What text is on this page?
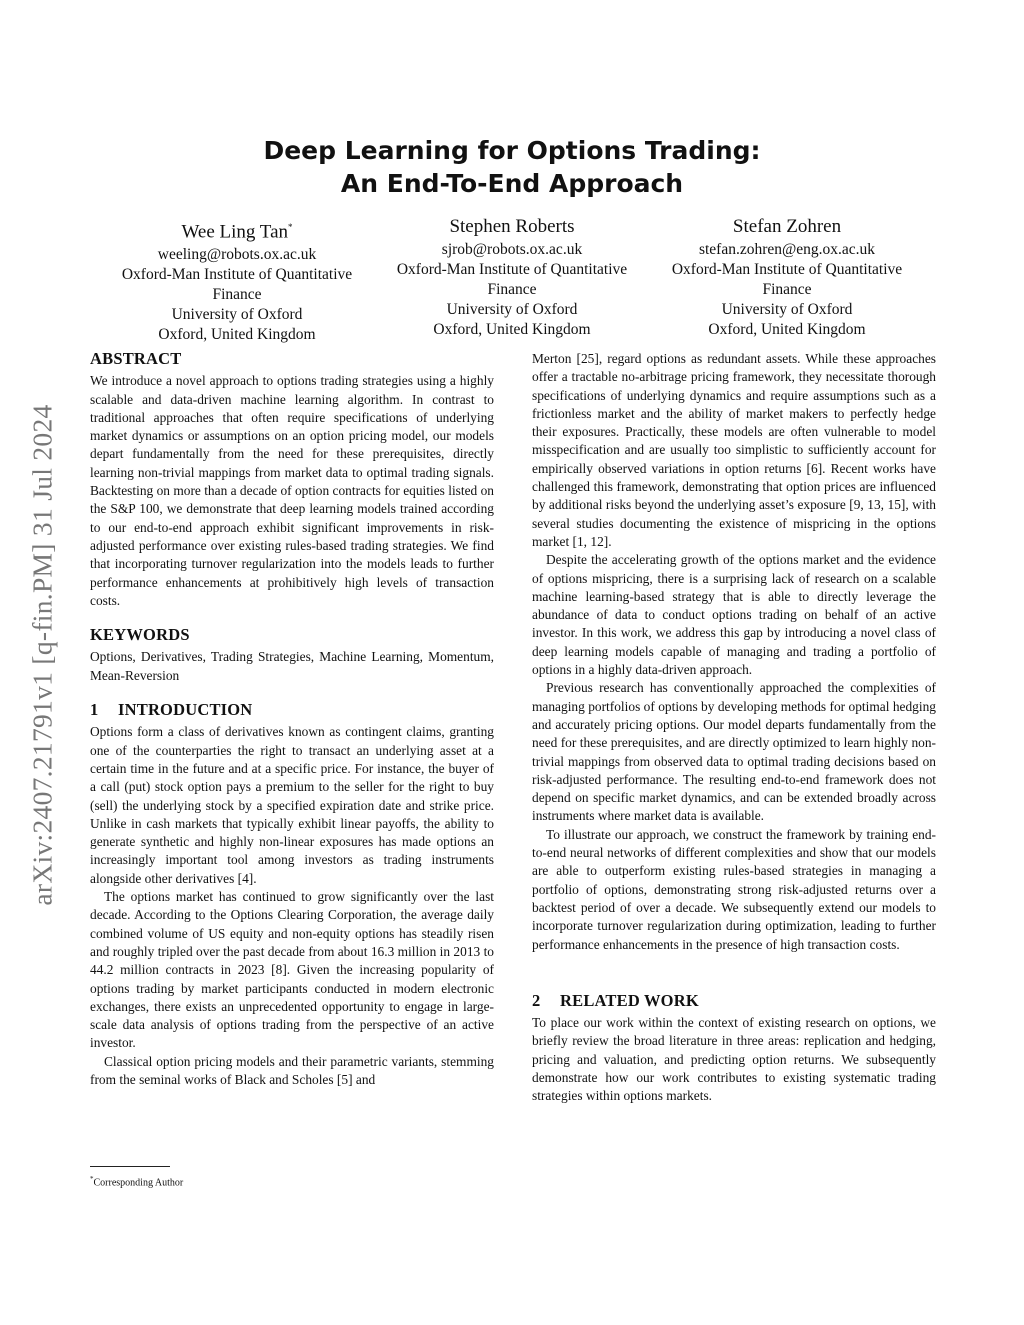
arXiv:2407.21791v1 [q-fin.PM] 31 Jul 2024
Deep Learning for Options Trading:
An End-To-End Approach
Wee Ling Tan*
weeling@robots.ox.ac.uk
Oxford-Man Institute of Quantitative
Finance
University of Oxford
Oxford, United Kingdom
Stephen Roberts
sjrob@robots.ox.ac.uk
Oxford-Man Institute of Quantitative
Finance
University of Oxford
Oxford, United Kingdom
Stefan Zohren
stefan.zohren@eng.ox.ac.uk
Oxford-Man Institute of Quantitative
Finance
University of Oxford
Oxford, United Kingdom
ABSTRACT

We introduce a novel approach to options trading strategies using a highly scalable and data-driven machine learning algorithm. In contrast to traditional approaches that often require specifications of underlying market dynamics or assumptions on an option pricing model, our models depart fundamentally from the need for these prerequisites, directly learning non-trivial mappings from market data to optimal trading signals. Backtesting on more than a decade of option contracts for equities listed on the S&P 100, we demonstrate that deep learning models trained according to our end-to-end approach exhibit significant improvements in risk-adjusted performance over existing rules-based trading strategies. We find that incorporating turnover regularization into the models leads to further performance enhancements at prohibitively high levels of transaction costs.

KEYWORDS

Options, Derivatives, Trading Strategies, Machine Learning, Momentum, Mean-Reversion

1 INTRODUCTION

Options form a class of derivatives known as contingent claims, granting one of the counterparties the right to transact an underlying asset at a certain time in the future and at a specific price. For instance, the buyer of a call (put) stock option pays a premium to the seller for the right to buy (sell) the underlying stock by a specified expiration date and strike price. Unlike in cash markets that typically exhibit linear payoffs, the ability to generate synthetic and highly non-linear exposures has made options an increasingly important tool among investors as trading instruments alongside other derivatives [4].

The options market has continued to grow significantly over the last decade. According to the Options Clearing Corporation, the average daily combined volume of US equity and non-equity options has steadily risen and roughly tripled over the past decade from about 16.3 million in 2013 to 44.2 million contracts in 2023 [8]. Given the increasing popularity of options trading by market participants conducted in modern electronic exchanges, there exists an unprecedented opportunity to engage in large-scale data analysis of options trading from the perspective of an active investor.

Classical option pricing models and their parametric variants, stemming from the seminal works of Black and Scholes [5] and

Merton [25], regard options as redundant assets. While these approaches offer a tractable no-arbitrage pricing framework, they necessitate thorough specifications of underlying dynamics and require assumptions such as a frictionless market and the ability of market makers to perfectly hedge their exposures. Practically, these models are often vulnerable to model misspecification and are usually too simplistic to sufficiently account for empirically observed variations in option returns [6]. Recent works have challenged this framework, demonstrating that option prices are influenced by additional risks beyond the underlying asset’s exposure [9, 13, 15], with several studies documenting the existence of mispricing in the options market [1, 12].

Despite the accelerating growth of the options market and the evidence of options mispricing, there is a surprising lack of research on a scalable machine learning-based strategy that is able to directly leverage the abundance of data to conduct options trading on behalf of an active investor. In this work, we address this gap by introducing a novel class of deep learning models capable of managing and trading a portfolio of options in a highly data-driven approach.

Previous research has conventionally approached the complexities of managing portfolios of options by developing methods for optimal hedging and accurately pricing options. Our model departs fundamentally from the need for these prerequisites, and are directly optimized to learn highly non-trivial mappings from observed data to optimal trading decisions based on risk-adjusted performance. The resulting end-to-end framework does not depend on specific market dynamics, and can be extended broadly across instruments where market data is available.

To illustrate our approach, we construct the framework by training end-to-end neural networks of different complexities and show that our models are able to outperform existing rules-based strategies in managing a portfolio of options, demonstrating strong risk-adjusted returns over a backtest period of over a decade. We subsequently extend our models to incorporate turnover regularization during optimization, leading to further performance enhancements in the presence of high transaction costs.

2 RELATED WORK

To place our work within the context of existing research on options, we briefly review the broad literature in three areas: replication and hedging, pricing and valuation, and predicting option returns. We subsequently demonstrate how our work contributes to existing systematic trading strategies within options markets.

*Corresponding Author
